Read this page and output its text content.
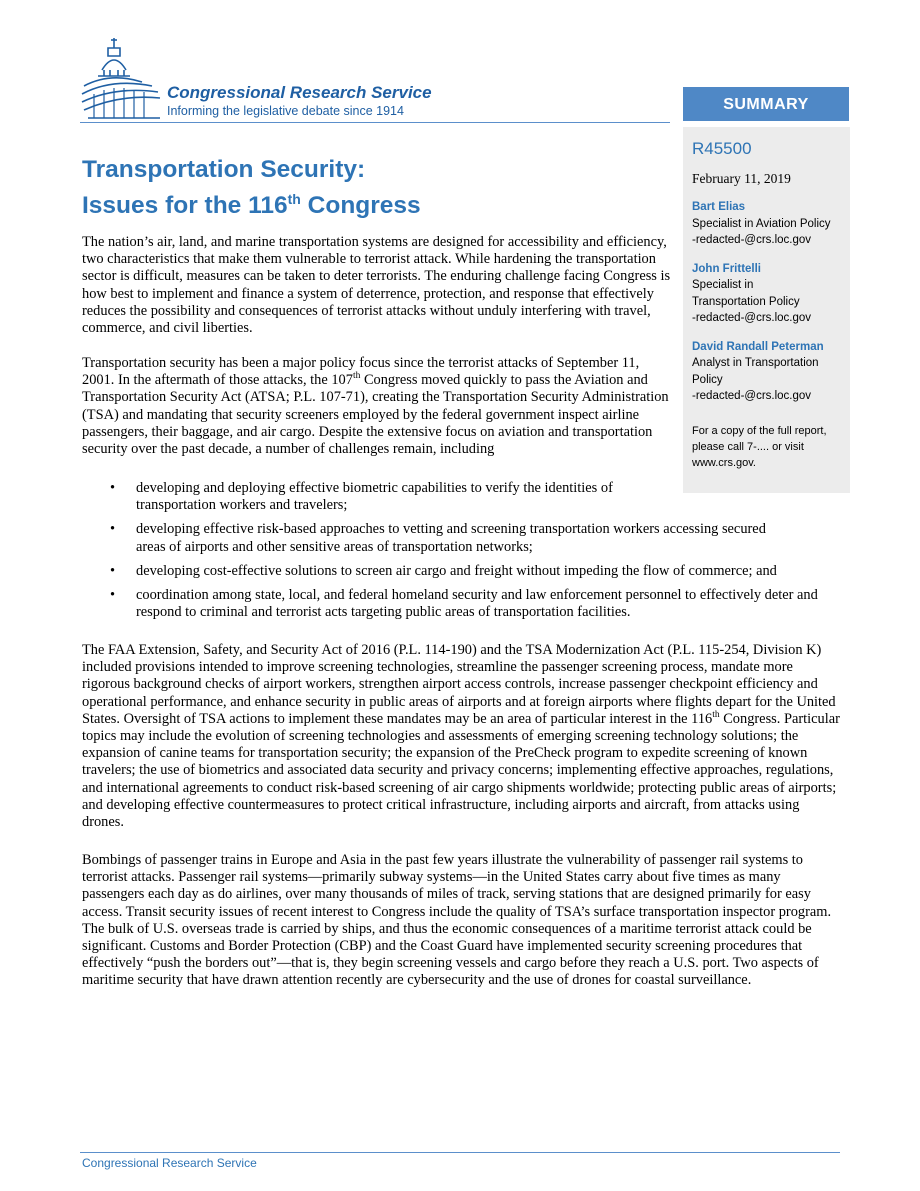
Congressional Research Service
Informing the legislative debate since 1914	SUMMARY
R45500
February 11, 2019
Bart Elias
Specialist in Aviation Policy
-redacted-@crs.loc.gov
John Frittelli
Specialist in Transportation Policy
-redacted-@crs.loc.gov
David Randall Peterman
Analyst in Transportation Policy
-redacted-@crs.loc.gov
For a copy of the full report, please call 7-.... or visit www.crs.gov.
Transportation Security:
Issues for the 116th Congress

The nation’s air, land, and marine transportation systems are designed for accessibility and efficiency, two characteristics that make them vulnerable to terrorist attack. While hardening the transportation sector is difficult, measures can be taken to deter terrorists. The enduring challenge facing Congress is how best to implement and finance a system of deterrence, protection, and response that effectively reduces the possibility and consequences of terrorist attacks without unduly interfering with travel, commerce, and civil liberties.

Transportation security has been a major policy focus since the terrorist attacks of September 11, 2001. In the aftermath of those attacks, the 107th Congress moved quickly to pass the Aviation and Transportation Security Act (ATSA; P.L. 107-71), creating the Transportation Security Administration (TSA) and mandating that security screeners employed by the federal government inspect airline passengers, their baggage, and air cargo. Despite the extensive focus on aviation and transportation security over the past decade, a number of challenges remain, including

• developing and deploying effective biometric capabilities to verify the identities of transportation workers and travelers;
• developing effective risk-based approaches to vetting and screening transportation workers accessing secured areas of airports and other sensitive areas of transportation networks;
• developing cost-effective solutions to screen air cargo and freight without impeding the flow of commerce; and
• coordination among state, local, and federal homeland security and law enforcement personnel to effectively deter and respond to criminal and terrorist acts targeting public areas of transportation facilities.

The FAA Extension, Safety, and Security Act of 2016 (P.L. 114-190) and the TSA Modernization Act (P.L. 115-254, Division K) included provisions intended to improve screening technologies, streamline the passenger screening process, mandate more rigorous background checks of airport workers, strengthen airport access controls, increase passenger checkpoint efficiency and operational performance, and enhance security in public areas of airports and at foreign airports where flights depart for the United States. Oversight of TSA actions to implement these mandates may be an area of particular interest in the 116th Congress. Particular topics may include the evolution of screening technologies and assessments of emerging screening technology solutions; the expansion of canine teams for transportation security; the expansion of the PreCheck program to expedite screening of known travelers; the use of biometrics and associated data security and privacy concerns; implementing effective approaches, regulations, and international agreements to conduct risk-based screening of air cargo shipments worldwide; protecting public areas of airports; and developing effective countermeasures to protect critical infrastructure, including airports and aircraft, from attacks using drones.

Bombings of passenger trains in Europe and Asia in the past few years illustrate the vulnerability of passenger rail systems to terrorist attacks. Passenger rail systems—primarily subway systems—in the United States carry about five times as many passengers each day as do airlines, over many thousands of miles of track, serving stations that are designed primarily for easy access. Transit security issues of recent interest to Congress include the quality of TSA’s surface transportation inspector program. The bulk of U.S. overseas trade is carried by ships, and thus the economic consequences of a maritime terrorist attack could be significant. Customs and Border Protection (CBP) and the Coast Guard have implemented security screening procedures that effectively “push the borders out”—that is, they begin screening vessels and cargo before they reach a U.S. port. Two aspects of maritime security that have drawn attention recently are cybersecurity and the use of drones for coastal surveillance.

Congressional Research Service
